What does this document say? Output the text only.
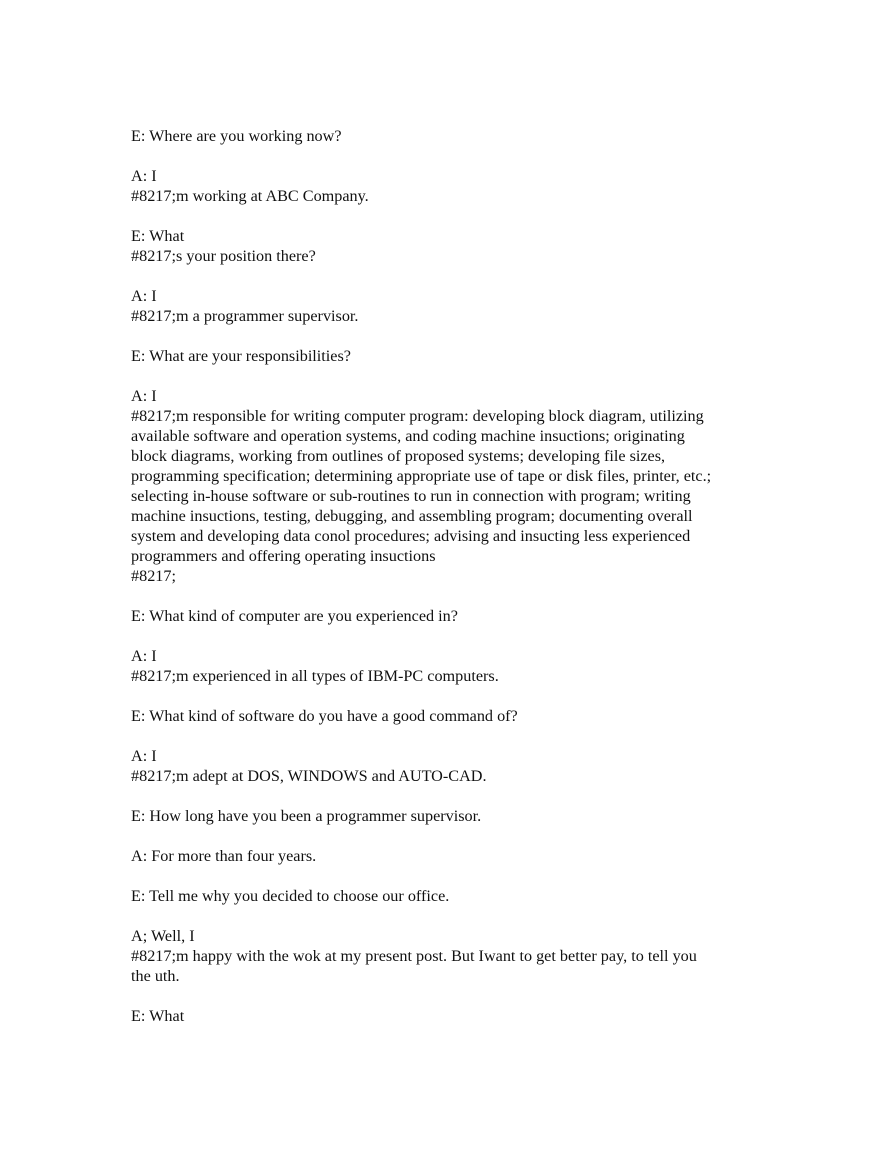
E: Where are you working now?

A: I
#8217;m working at ABC Company.

E: What
#8217;s your position there?

A: I
#8217;m a programmer supervisor.

E: What are your responsibilities?

A: I
#8217;m responsible for writing computer program: developing block diagram, utilizing
available software and operation systems, and coding machine insuctions; originating
block diagrams, working from outlines of proposed systems; developing file sizes,
programming specification; determining appropriate use of tape or disk files, printer, etc.;
selecting in-house software or sub-routines to run in connection with program; writing
machine insuctions, testing, debugging, and assembling program; documenting overall
system and developing data conol procedures; advising and insucting less experienced
programmers and offering operating insuctions
#8217;

E: What kind of computer are you experienced in?

A: I
#8217;m experienced in all types of IBM-PC computers.

E: What kind of software do you have a good command of?

A: I
#8217;m adept at DOS, WINDOWS and AUTO-CAD.

E: How long have you been a programmer supervisor.

A: For more than four years.

E: Tell me why you decided to choose our office.

A; Well, I
#8217;m happy with the wok at my present post. But Iwant to get better pay, to tell you
the uth.

E: What
